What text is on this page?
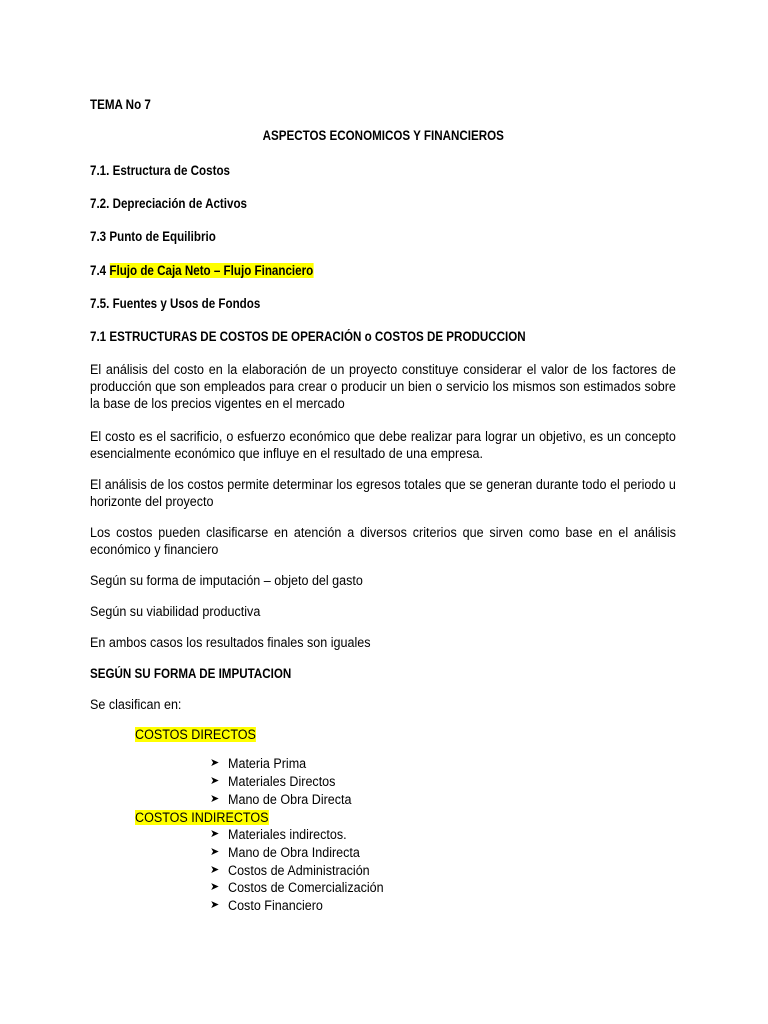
TEMA No 7
ASPECTOS ECONOMICOS Y FINANCIEROS
7.1. Estructura de Costos
7.2. Depreciación de Activos
7.3 Punto de Equilibrio
7.4 Flujo de Caja Neto – Flujo Financiero
7.5. Fuentes y Usos de Fondos
7.1 ESTRUCTURAS DE COSTOS DE OPERACIÓN o COSTOS DE PRODUCCION

El análisis del costo en la elaboración de un proyecto constituye considerar el valor de los factores de producción que son empleados para crear o producir un bien o servicio los mismos son estimados sobre la base de los precios vigentes en el mercado

El costo es el sacrificio, o esfuerzo económico que debe realizar para lograr un objetivo, es un concepto esencialmente económico que influye en el resultado de una empresa.

El análisis de los costos permite determinar los egresos totales que se generan durante todo el periodo u horizonte del proyecto

Los costos pueden clasificarse en atención a diversos criterios que sirven como base en el análisis económico y financiero

Según su forma de imputación – objeto del gasto
Según su viabilidad productiva
En ambos casos los resultados finales son iguales
SEGÚN SU FORMA DE IMPUTACION
Se clasifican en:
COSTOS DIRECTOS
➤ Materia Prima
➤ Materiales Directos
➤ Mano de Obra Directa
COSTOS INDIRECTOS
➤ Materiales indirectos.
➤ Mano de Obra Indirecta
➤ Costos de Administración
➤ Costos de Comercialización
➤ Costo Financiero
